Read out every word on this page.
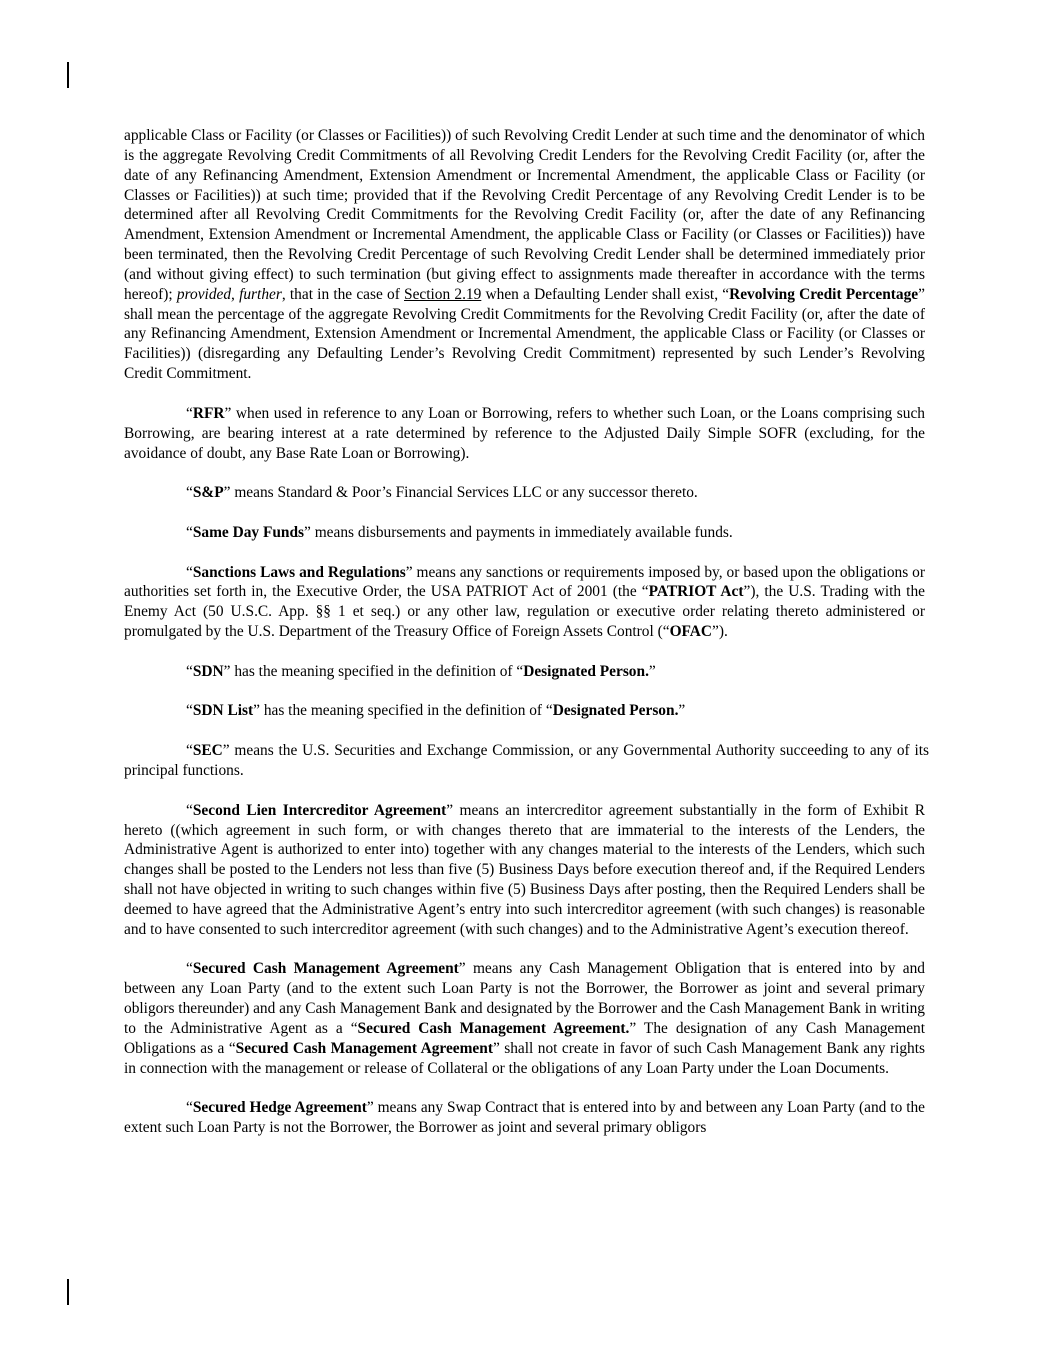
applicable Class or Facility (or Classes or Facilities)) of such Revolving Credit Lender at such time and the denominator of which is the aggregate Revolving Credit Commitments of all Revolving Credit Lenders for the Revolving Credit Facility (or, after the date of any Refinancing Amendment, Extension Amendment or Incremental Amendment, the applicable Class or Facility (or Classes or Facilities)) at such time; provided that if the Revolving Credit Percentage of any Revolving Credit Lender is to be determined after all Revolving Credit Commitments for the Revolving Credit Facility (or, after the date of any Refinancing Amendment, Extension Amendment or Incremental Amendment, the applicable Class or Facility (or Classes or Facilities)) have been terminated, then the Revolving Credit Percentage of such Revolving Credit Lender shall be determined immediately prior (and without giving effect) to such termination (but giving effect to assignments made thereafter in accordance with the terms hereof); provided, further, that in the case of Section 2.19 when a Defaulting Lender shall exist, “Revolving Credit Percentage” shall mean the percentage of the aggregate Revolving Credit Commitments for the Revolving Credit Facility (or, after the date of any Refinancing Amendment, Extension Amendment or Incremental Amendment, the applicable Class or Facility (or Classes or Facilities)) (disregarding any Defaulting Lender’s Revolving Credit Commitment) represented by such Lender’s Revolving Credit Commitment.

“RFR” when used in reference to any Loan or Borrowing, refers to whether such Loan, or the Loans comprising such Borrowing, are bearing interest at a rate determined by reference to the Adjusted Daily Simple SOFR (excluding, for the avoidance of doubt, any Base Rate Loan or Borrowing).

“S&P” means Standard & Poor’s Financial Services LLC or any successor thereto.

“Same Day Funds” means disbursements and payments in immediately available funds.

“Sanctions Laws and Regulations” means any sanctions or requirements imposed by, or based upon the obligations or authorities set forth in, the Executive Order, the USA PATRIOT Act of 2001 (the “PATRIOT Act”), the U.S. Trading with the Enemy Act (50 U.S.C. App. §§ 1 et seq.) or any other law, regulation or executive order relating thereto administered or promulgated by the U.S. Department of the Treasury Office of Foreign Assets Control (“OFAC”).

“SDN” has the meaning specified in the definition of “Designated Person.”

“SDN List” has the meaning specified in the definition of “Designated Person.”

“SEC” means the U.S. Securities and Exchange Commission, or any Governmental Authority succeeding to any of its principal functions.

“Second Lien Intercreditor Agreement” means an intercreditor agreement substantially in the form of Exhibit R hereto ((which agreement in such form, or with changes thereto that are immaterial to the interests of the Lenders, the Administrative Agent is authorized to enter into) together with any changes material to the interests of the Lenders, which such changes shall be posted to the Lenders not less than five (5) Business Days before execution thereof and, if the Required Lenders shall not have objected in writing to such changes within five (5) Business Days after posting, then the Required Lenders shall be deemed to have agreed that the Administrative Agent’s entry into such intercreditor agreement (with such changes) is reasonable and to have consented to such intercreditor agreement (with such changes) and to the Administrative Agent’s execution thereof.

“Secured Cash Management Agreement” means any Cash Management Obligation that is entered into by and between any Loan Party (and to the extent such Loan Party is not the Borrower, the Borrower as joint and several primary obligors thereunder) and any Cash Management Bank and designated by the Borrower and the Cash Management Bank in writing to the Administrative Agent as a “Secured Cash Management Agreement.” The designation of any Cash Management Obligations as a “Secured Cash Management Agreement” shall not create in favor of such Cash Management Bank any rights in connection with the management or release of Collateral or the obligations of any Loan Party under the Loan Documents.

“Secured Hedge Agreement” means any Swap Contract that is entered into by and between any Loan Party (and to the extent such Loan Party is not the Borrower, the Borrower as joint and several primary obligors
